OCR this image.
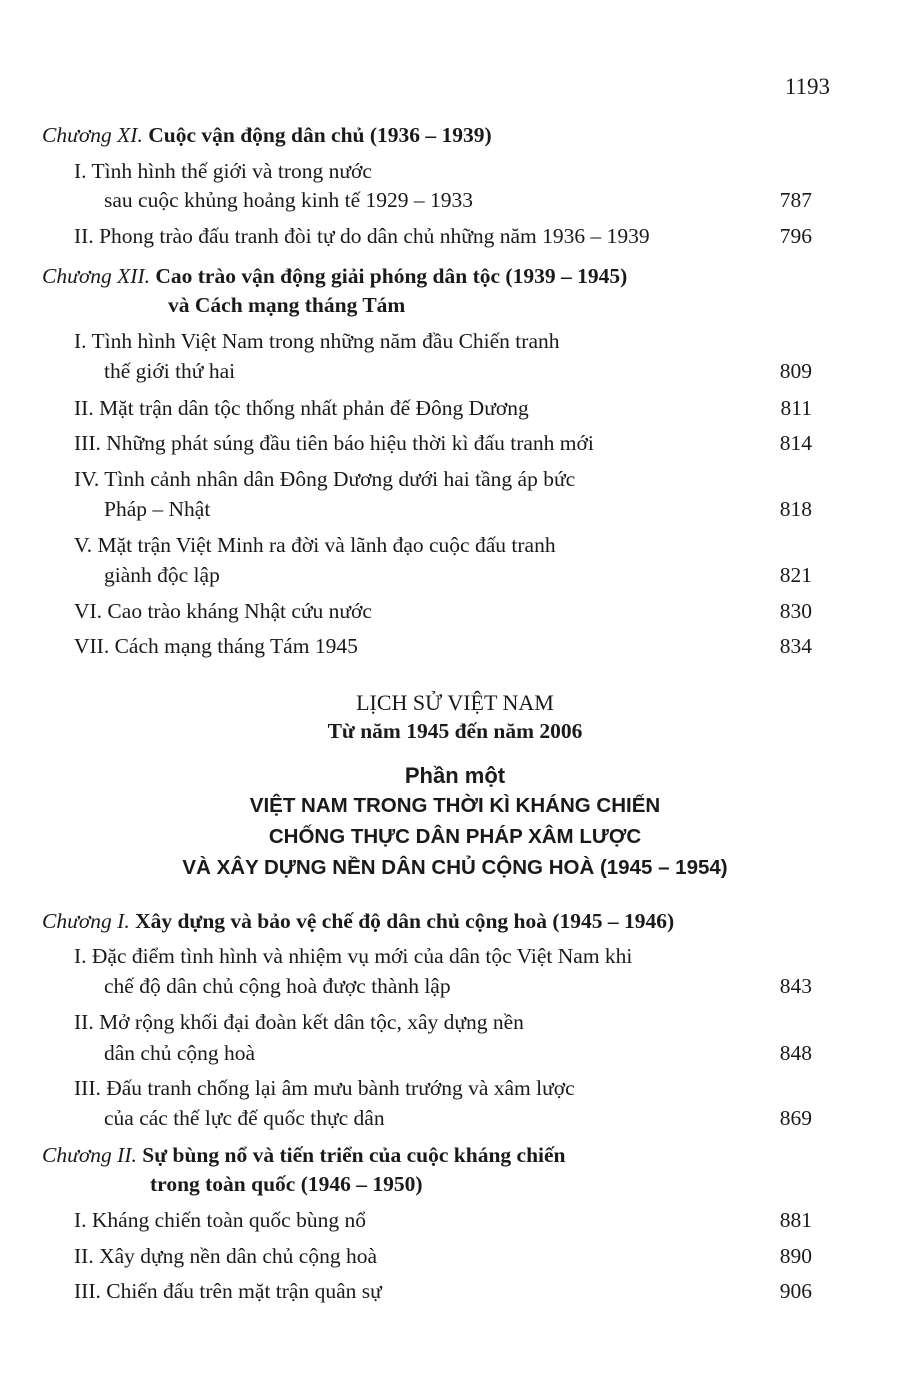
1193
Chương XI. Cuộc vận động dân chủ (1936 – 1939)
I. Tình hình thế giới và trong nước
sau cuộc khủng hoảng kinh tế 1929 – 1933	787
II. Phong trào đấu tranh đòi tự do dân chủ những năm 1936 – 1939	796
Chương XII. Cao trào vận động giải phóng dân tộc (1939 – 1945)
và Cách mạng tháng Tám
I. Tình hình Việt Nam trong những năm đầu Chiến tranh
thế giới thứ hai	809
II. Mặt trận dân tộc thống nhất phản đế Đông Dương	811
III. Những phát súng đầu tiên báo hiệu thời kì đấu tranh mới	814
IV. Tình cảnh nhân dân Đông Dương dưới hai tầng áp bức
Pháp – Nhật	818
V. Mặt trận Việt Minh ra đời và lãnh đạo cuộc đấu tranh
giành độc lập	821
VI. Cao trào kháng Nhật cứu nước	830
VII. Cách mạng tháng Tám 1945	834
LỊCH SỬ VIỆT NAM
Từ năm 1945 đến năm 2006
Phần một
VIỆT NAM TRONG THỜI KÌ KHÁNG CHIẾN
CHỐNG THỰC DÂN PHÁP XÂM LƯỢC
VÀ XÂY DỰNG NỀN DÂN CHỦ CỘNG HOÀ (1945 – 1954)
Chương I. Xây dựng và bảo vệ chế độ dân chủ cộng hoà (1945 – 1946)
I. Đặc điểm tình hình và nhiệm vụ mới của dân tộc Việt Nam khi
chế độ dân chủ cộng hoà được thành lập	843
II. Mở rộng khối đại đoàn kết dân tộc, xây dựng nền
dân chủ cộng hoà	848
III. Đấu tranh chống lại âm mưu bành trướng và xâm lược
của các thế lực đế quốc thực dân	869
Chương II. Sự bùng nổ và tiến triển của cuộc kháng chiến
trong toàn quốc (1946 – 1950)
I. Kháng chiến toàn quốc bùng nổ	881
II. Xây dựng nền dân chủ cộng hoà	890
III. Chiến đấu trên mặt trận quân sự	906
